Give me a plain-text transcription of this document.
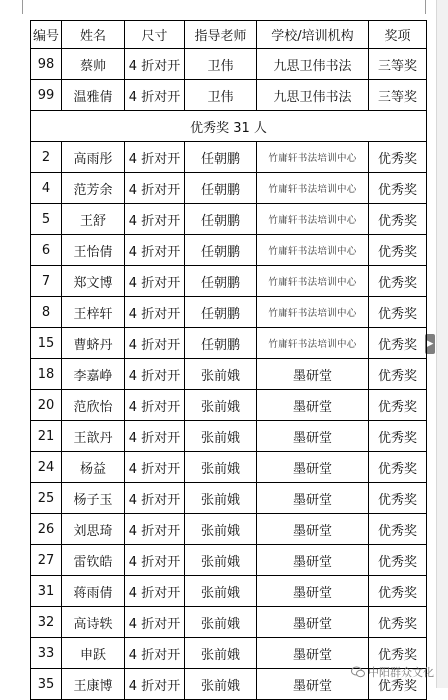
▶
编号	姓名	尺寸	指导老师	学校/培训机构	奖项
98	蔡帅	4 折对开	卫伟	九思卫伟书法	三等奖
99	温雅倩	4 折对开	卫伟	九思卫伟书法	三等奖
优秀奖 31 人					
2	高雨彤	4 折对开	任朝鹏	竹庸轩书法培训中心	优秀奖
4	范芳余	4 折对开	任朝鹏	竹庸轩书法培训中心	优秀奖
5	王舒	4 折对开	任朝鹏	竹庸轩书法培训中心	优秀奖
6	王怡倩	4 折对开	任朝鹏	竹庸轩书法培训中心	优秀奖
7	郑文博	4 折对开	任朝鹏	竹庸轩书法培训中心	优秀奖
8	王梓轩	4 折对开	任朝鹏	竹庸轩书法培训中心	优秀奖
15	曹蛴丹	4 折对开	任朝鹏	竹庸轩书法培训中心	优秀奖
18	李嘉峥	4 折对开	张前娥	墨研堂	优秀奖
20	范欣怡	4 折对开	张前娥	墨研堂	优秀奖
21	王歆丹	4 折对开	张前娥	墨研堂	优秀奖
24	杨益	4 折对开	张前娥	墨研堂	优秀奖
25	杨子玉	4 折对开	张前娥	墨研堂	优秀奖
26	刘思琦	4 折对开	张前娥	墨研堂	优秀奖
27	雷钦皓	4 折对开	张前娥	墨研堂	优秀奖
31	蒋雨倩	4 折对开	张前娥	墨研堂	优秀奖
32	高诗轶	4 折对开	张前娥	墨研堂	优秀奖
33	申跃	4 折对开	张前娥	墨研堂	优秀奖
35	王康博	4 折对开	张前娥	墨研堂	优秀奖
中阳群众文化
